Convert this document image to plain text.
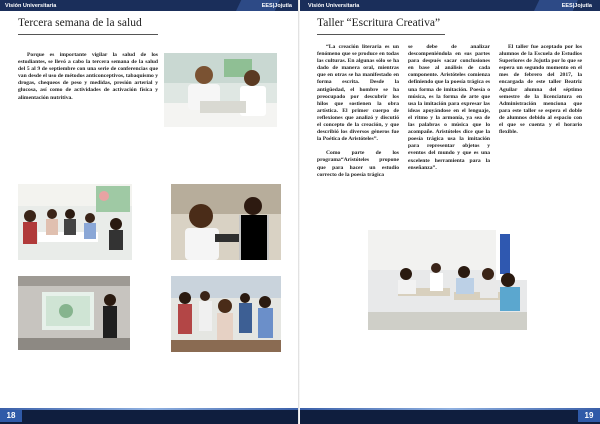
Visión Universitaria	EES|Jojutla
Tercera semana de la salud

Porque es importante vigilar la salud de los estudiantes, se llevó a cabo la tercera semana de la salud del 5 al 9 de septiembre con una serie de conferencias que van desde el uso de métodos anticonceptivos, tabaquismo y drogas, chequeos de peso y medidas, presión arterial y glucosa, así como de actividades de activación física y alimentación nutritiva.

18
Visión Universitaria	EES|Jojutla
Taller “Escritura Creativa”

“La creación literaria es un fenómeno que se produce en todas las culturas. En algunas sólo se ha dado de manera oral, mientras que en otras se ha manifestado en forma escrita. Desde la antigüedad, el hombre se ha preocupado por descubrir los hilos que sostienen la obra artística. El primer cuerpo de reflexiones que analizó y discutió el concepto de la creación, y que describió los diversos géneros fue la Poética de Aristóteles”.

Como parte de los programa“Aristóteles propone que para hacer un estudio correcto de la poesía trágica

se debe de analizar descompeniéndola en sus partes para después sacar conclusiones en base al análisis de cada componente. Aristóteles comienza definiendo que la poesía trágica es una forma de imitación. Poesía o música, es la forma de arte que usa la imitación para expresar las ideas apoyándose en el lenguaje, el ritmo y la armonía, ya sea de las palabras o música que lo acompañe. Aristóteles dice que la poesía trágica usa la imitación para representar objetos y eventos del mundo y que es una excelente herramienta para la enseñanza”.

El taller fue aceptado por los alumnos de la Escuela de Estudios Superiores de Jojutla por lo que se espera un segundo momento en el mes de febrero del 2017, la encargada de este taller Beatriz Aguilar alumna del séptimo semestre de la licenciatura en Administración menciona que para este taller se espera el doble de alumnos debido al espacio con el que se cuenta y el horario flexible.

19
